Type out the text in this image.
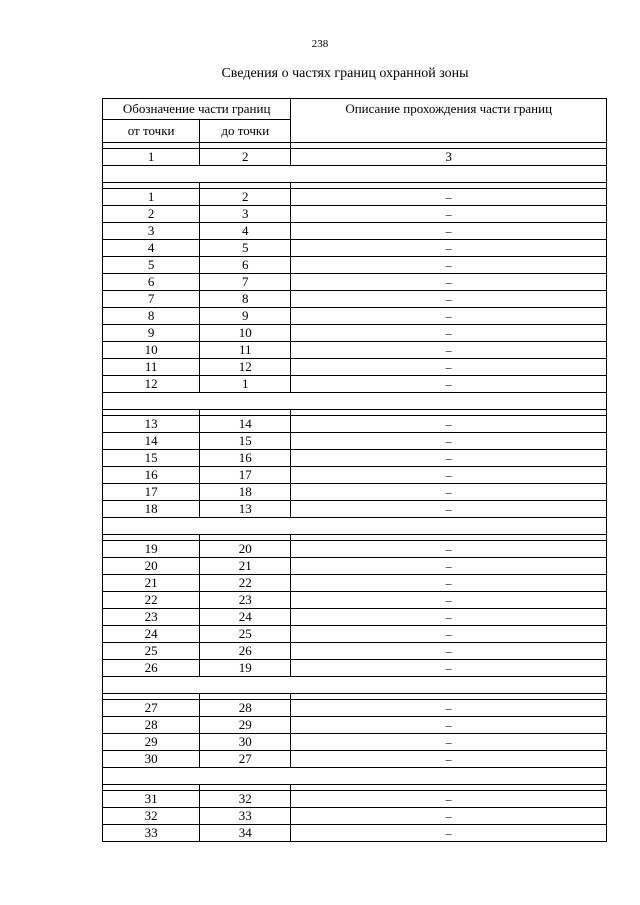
238
Сведения о частях границ охранной зоны
Обозначение части границ		Описание прохождения части границ
от точки	до точки	

1	2	3

1	2	–
2	3	–
3	4	–
4	5	–
5	6	–
6	7	–
7	8	–
8	9	–
9	10	–
10	11	–
11	12	–
12	1	–

13	14	–
14	15	–
15	16	–
16	17	–
17	18	–
18	13	–

19	20	–
20	21	–
21	22	–
22	23	–
23	24	–
24	25	–
25	26	–
26	19	–

27	28	–
28	29	–
29	30	–
30	27	–

31	32	–
32	33	–
33	34	–
